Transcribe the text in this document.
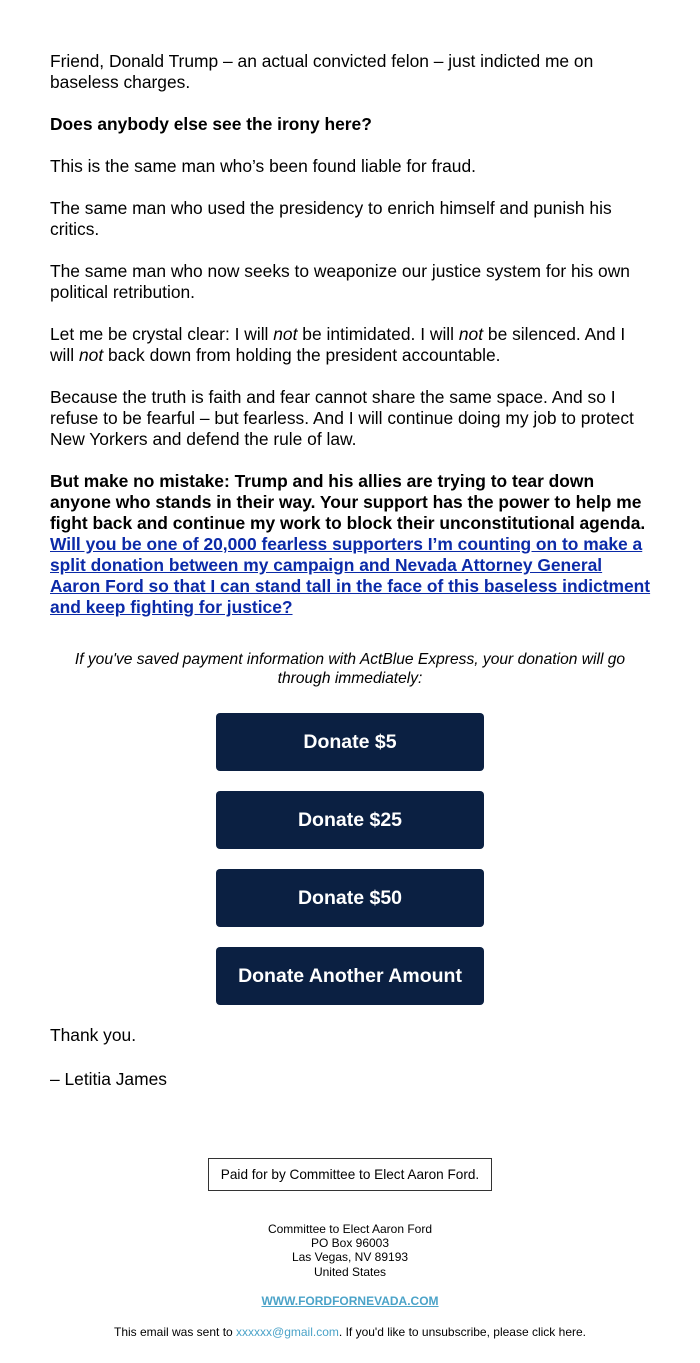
Friend, Donald Trump – an actual convicted felon – just indicted me on baseless charges.

Does anybody else see the irony here?

This is the same man who’s been found liable for fraud.

The same man who used the presidency to enrich himself and punish his critics.

The same man who now seeks to weaponize our justice system for his own political retribution.

Let me be crystal clear: I will not be intimidated. I will not be silenced. And I will not back down from holding the president accountable.

Because the truth is faith and fear cannot share the same space. And so I refuse to be fearful – but fearless. And I will continue doing my job to protect New Yorkers and defend the rule of law.

But make no mistake: Trump and his allies are trying to tear down anyone who stands in their way. Your support has the power to help me fight back and continue my work to block their unconstitutional agenda. Will you be one of 20,000 fearless supporters I’m counting on to make a split donation between my campaign and Nevada Attorney General Aaron Ford so that I can stand tall in the face of this baseless indictment and keep fighting for justice?

If you've saved payment information with ActBlue Express, your donation will go through immediately:
Donate $5
Donate $25
Donate $50
Donate Another Amount
Thank you.
– Letitia James
Paid for by Committee to Elect Aaron Ford.
Committee to Elect Aaron Ford
PO Box 96003
Las Vegas, NV 89193
United States
WWW.FORDFORNEVADA.COM
This email was sent to xxxxxx@gmail.com. If you'd like to unsubscribe, please click here.
